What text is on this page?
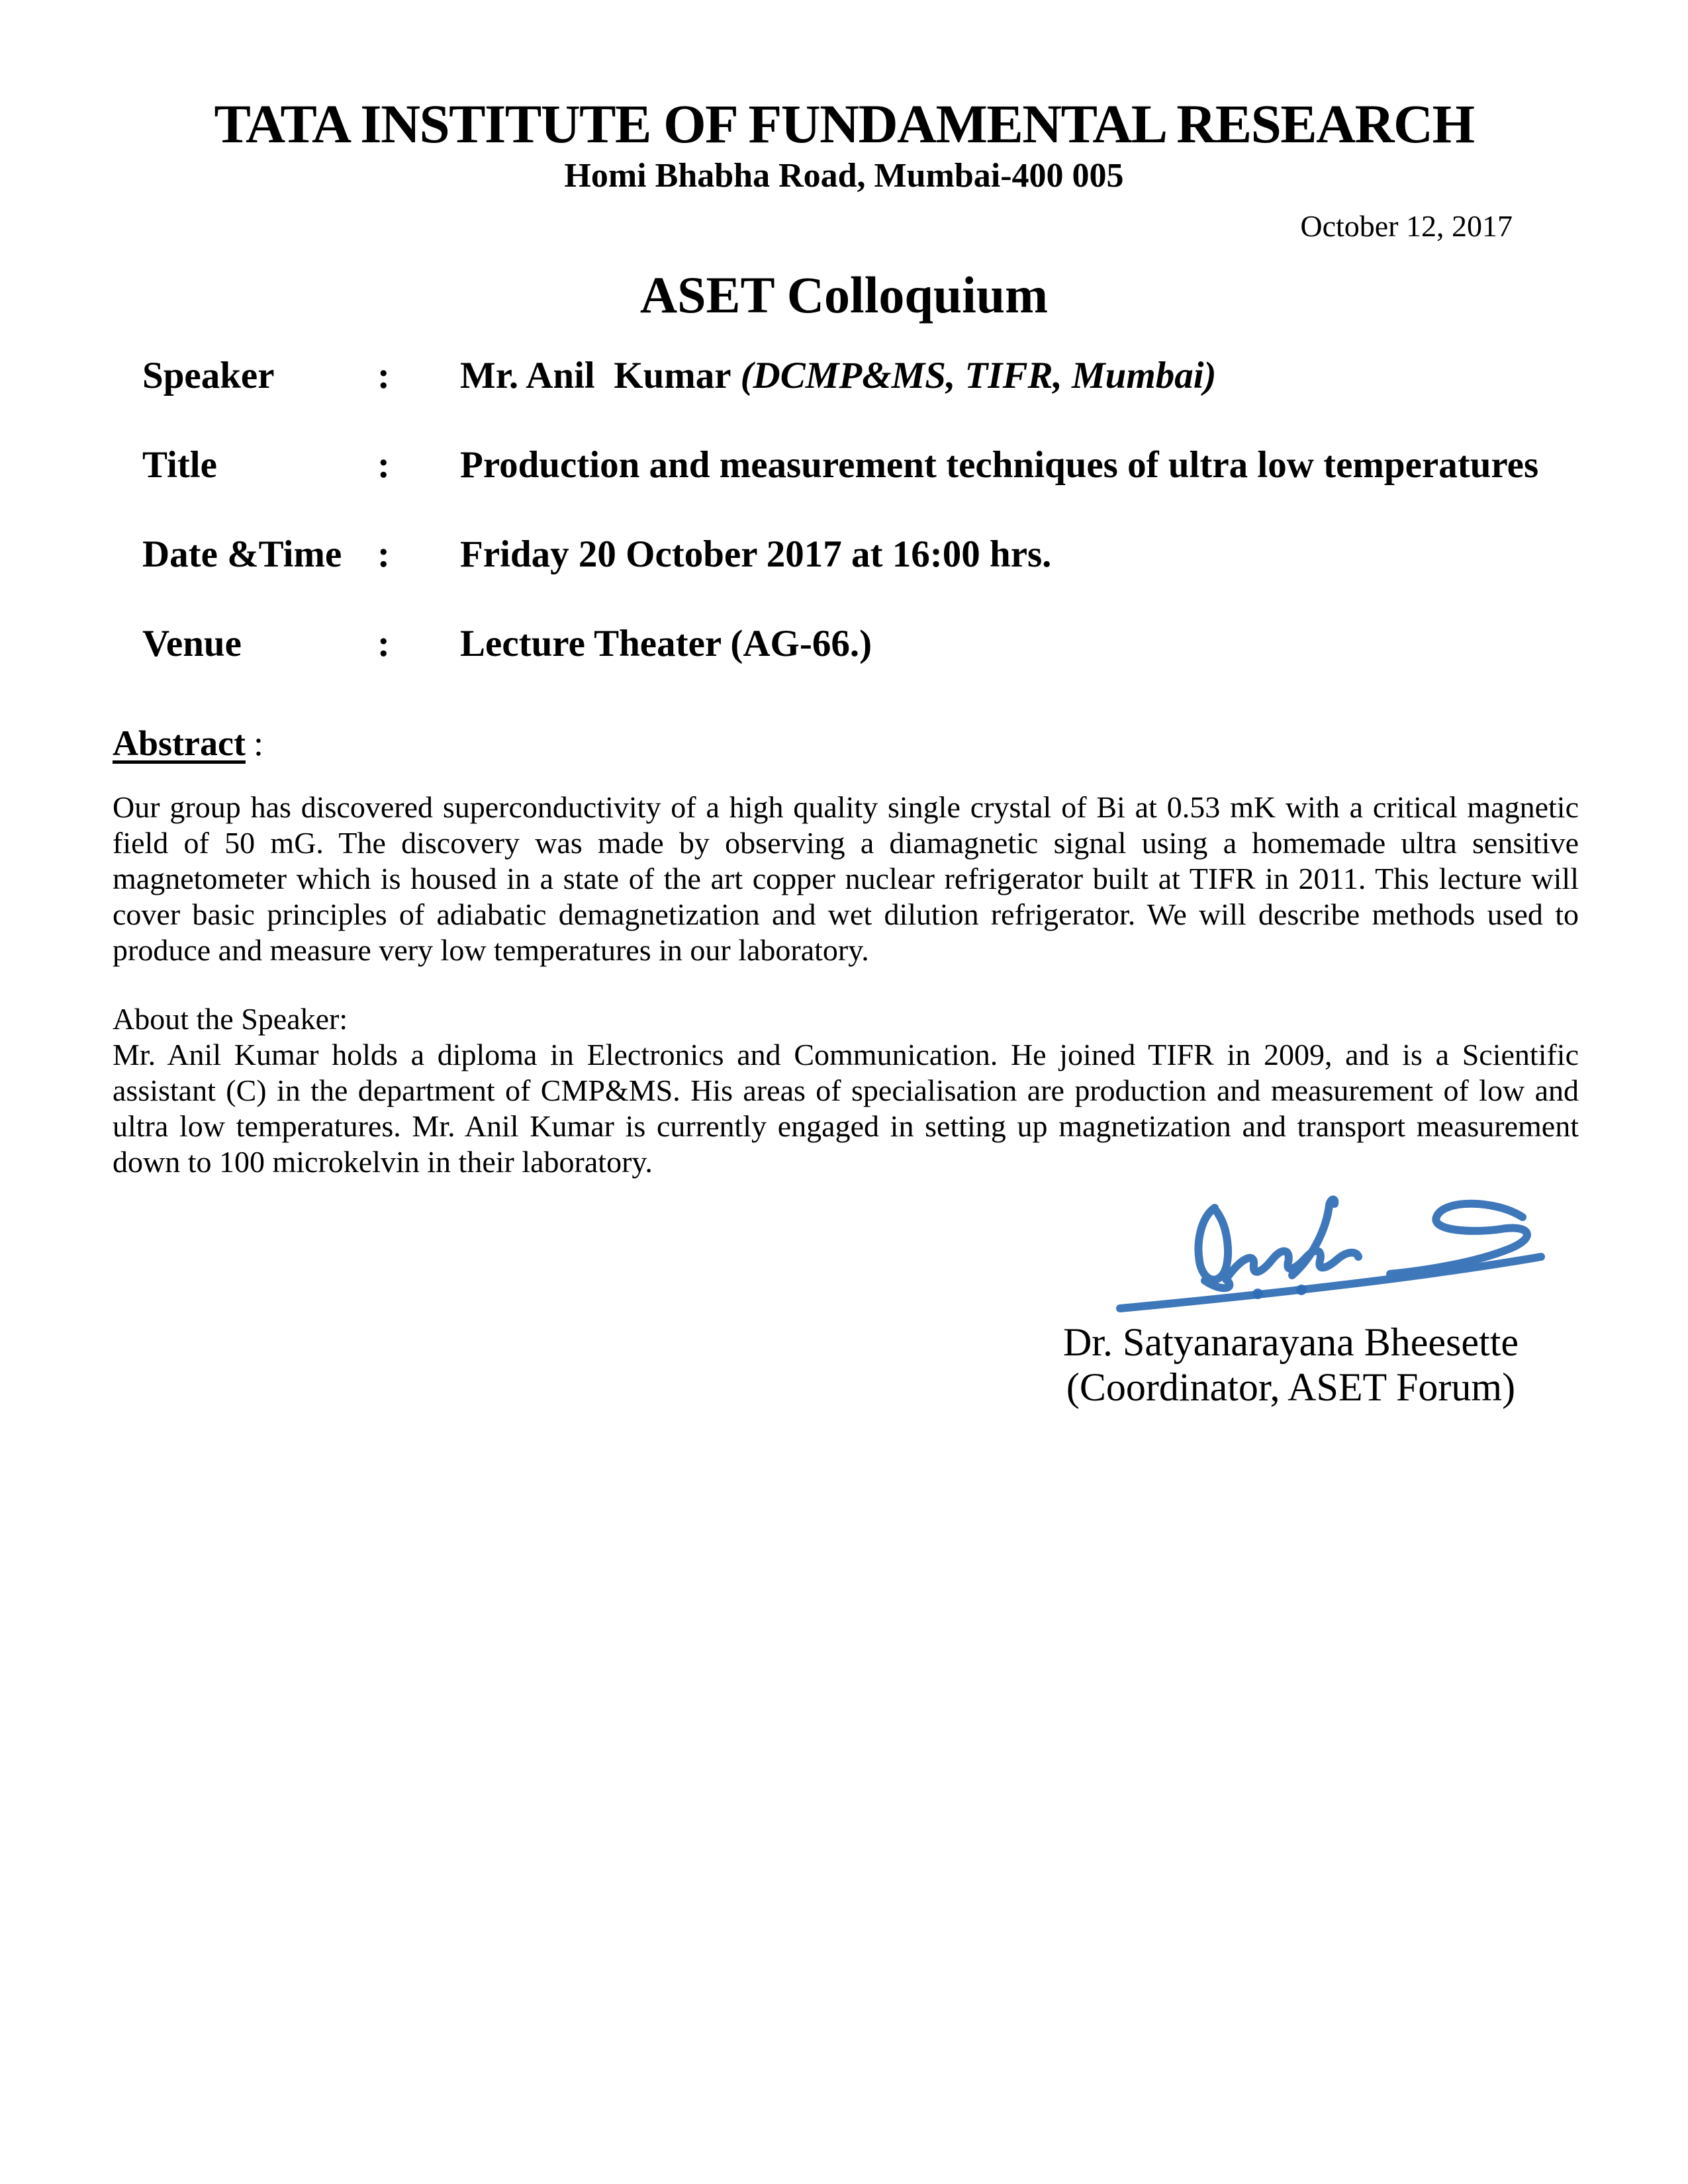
TATA INSTITUTE OF FUNDAMENTAL RESEARCH
Homi Bhabha Road, Mumbai-400 005
October 12, 2017
ASET Colloquium
Speaker	: Mr. Anil  Kumar (DCMP&MS, TIFR, Mumbai)
Title	: Production and measurement techniques of ultra low temperatures
Date &Time : Friday 20 October 2017 at 16:00 hrs.
Venue	: Lecture Theater (AG-66.)
Abstract :
Our group has discovered superconductivity of a high quality single crystal of Bi at 0.53 mK with a critical magnetic field of 50 mG. The discovery was made by observing a diamagnetic signal using a homemade ultra sensitive magnetometer which is housed in a state of the art copper nuclear refrigerator built at TIFR in 2011. This lecture will cover basic principles of adiabatic demagnetization and wet dilution refrigerator. We will describe methods used to produce and measure very low temperatures in our laboratory.
About the Speaker:
Mr. Anil Kumar holds a diploma in Electronics and Communication. He joined TIFR in 2009, and is a Scientific assistant (C) in the department of CMP&MS. His areas of specialisation are production and measurement of low and ultra low temperatures. Mr. Anil Kumar is currently engaged in setting up magnetization and transport measurement down to 100 microkelvin in their laboratory.
Dr. Satyanarayana Bheesette
(Coordinator, ASET Forum)
